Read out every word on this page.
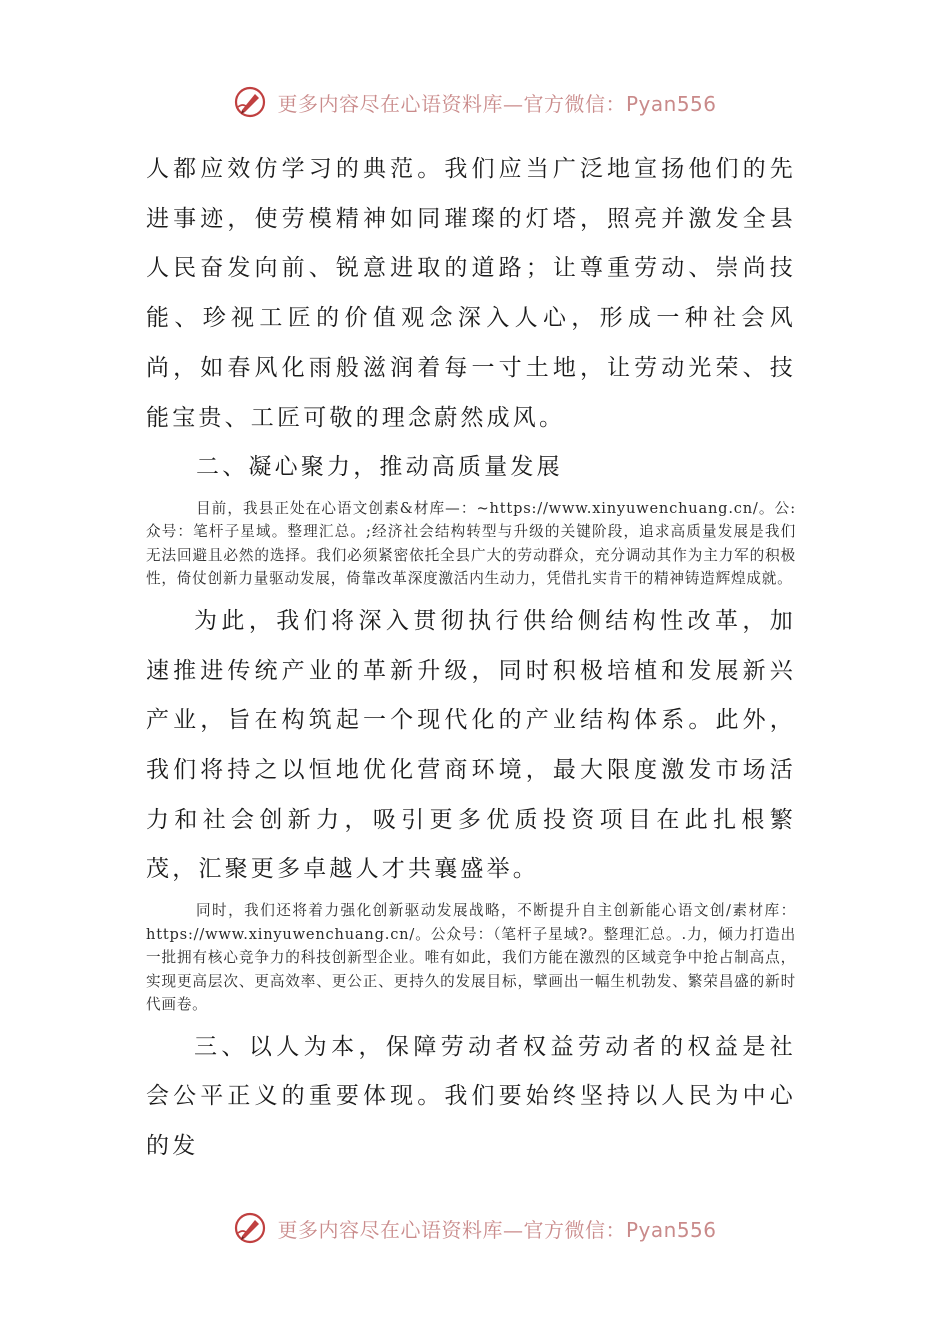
更多内容尽在心语资料库—官方微信：Pyan556

人都应效仿学习的典范。我们应当广泛地宣扬他们的先进事迹，使劳模精神如同璀璨的灯塔，照亮并激发全县人民奋发向前、锐意进取的道路；让尊重劳动、崇尚技能、珍视工匠的价值观念深入人心，形成一种社会风尚，如春风化雨般滋润着每一寸土地，让劳动光荣、技能宝贵、工匠可敬的理念蔚然成风。

二、凝心聚力，推动高质量发展

目前，我县正处在心语文创素&材库—：~https://www.xinyuwenchuang.cn/。公:众号：笔杆子星域。整理汇总。;经济社会结构转型与升级的关键阶段，追求高质量发展是我们无法回避且必然的选择。我们必须紧密依托全县广大的劳动群众，充分调动其作为主力军的积极性，倚仗创新力量驱动发展，倚靠改革深度激活内生动力，凭借扎实肯干的精神铸造辉煌成就。

为此，我们将深入贯彻执行供给侧结构性改革，加速推进传统产业的革新升级，同时积极培植和发展新兴产业，旨在构筑起一个现代化的产业结构体系。此外，我们将持之以恒地优化营商环境，最大限度激发市场活力和社会创新力，吸引更多优质投资项目在此扎根繁茂，汇聚更多卓越人才共襄盛举。

同时，我们还将着力强化创新驱动发展战略，不断提升自主创新能心语文创/素材库：https://www.xinyuwenchuang.cn/。公众号：（笔杆子星域?。整理汇总。.力，倾力打造出一批拥有核心竞争力的科技创新型企业。唯有如此，我们方能在激烈的区域竞争中抢占制高点，实现更高层次、更高效率、更公正、更持久的发展目标，擘画出一幅生机勃发、繁荣昌盛的新时代画卷。

三、以人为本，保障劳动者权益劳动者的权益是社会公平正义的重要体现。我们要始终坚持以人民为中心的发

更多内容尽在心语资料库—官方微信：Pyan556
